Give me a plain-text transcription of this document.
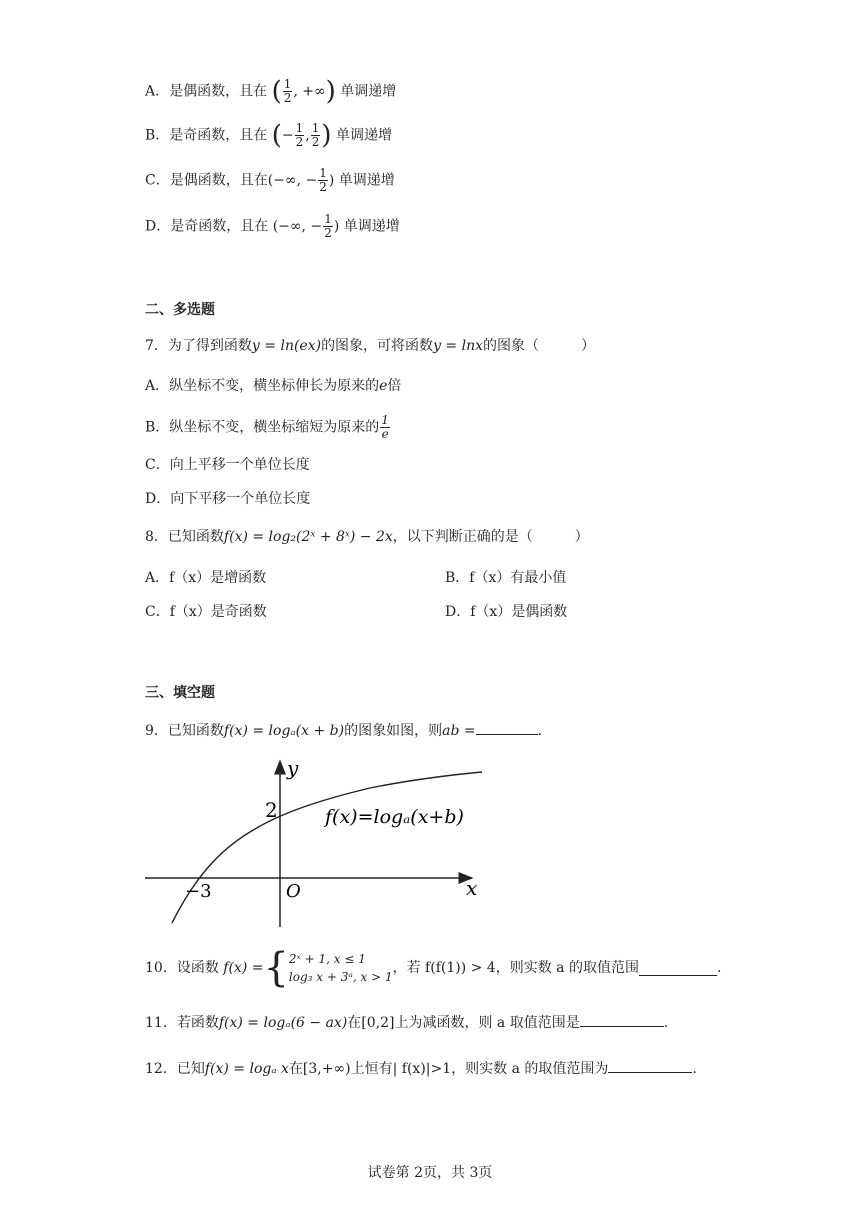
A．是偶函数，且在 ( $\frac{1}{2}$ , +∞) 单调递增
B．是奇函数，且在 (− $\frac{1}{2}$ , $\frac{1}{2}$ ) 单调递增
C．是偶函数，且在(−∞, − $\frac{1}{2}$ ) 单调递增
D．是奇函数，且在 (−∞, − $\frac{1}{2}$ ) 单调递增
二、多选题
7．为了得到函数y = ln(ex)的图象，可将函数y = lnx的图象（　　　）
A．纵坐标不变，横坐标伸长为原来的e倍
B．纵坐标不变，横坐标缩短为原来的 $\frac{1}{e}$
C．向上平移一个单位长度
D．向下平移一个单位长度
8．已知函数f(x) = log₂(2ˣ + 8ˣ) − 2x，以下判断正确的是（　　　）
A．f（x）是增函数	B．f（x）有最小值
C．f（x）是奇函数	D．f（x）是偶函数
三、填空题
9．已知函数f(x) = logₐ(x + b)的图象如图，则ab =	.
y
x
O
2
−3
f(x)=logₐ(x+b)
10．设函数 f(x) ={ 2ˣ + 1, x ≤ 1
log₃ x + 3ᵃ, x > 1
，若 f(f(1)) > 4，则实数 a 的取值范围	.
11．若函数f(x) = logₐ(6 − ax)在[0,2]上为减函数，则 a 取值范围是	.
12．已知f(x) = logₐ x在[3,+∞)上恒有| f(x)|>1，则实数 a 的取值范围为	.
试卷第 2页，共 3页
